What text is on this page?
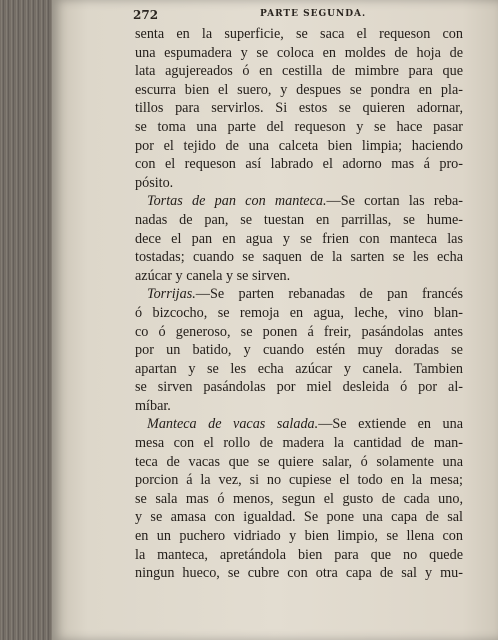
272	PARTE SEGUNDA.
senta en la superficie, se saca el requeson con
una espumadera y se coloca en moldes de hoja de
lata agujereados ó en cestilla de mimbre para que
escurra bien el suero, y despues se pondra en pla-
tillos para servirlos. Si estos se quieren adornar,
se toma una parte del requeson y se hace pasar
por el tejido de una calceta bien limpia; haciendo
con el requeson así labrado el adorno mas á pro-
pósito.
Tortas de pan con manteca.—Se cortan las reba-
nadas de pan, se tuestan en parrillas, se hume-
dece el pan en agua y se frien con manteca las
tostadas; cuando se saquen de la sarten se les echa
azúcar y canela y se sirven.
Torrijas.—Se parten rebanadas de pan francés
ó bizcocho, se remoja en agua, leche, vino blan-
co ó generoso, se ponen á freir, pasándolas antes
por un batido, y cuando estén muy doradas se
apartan y se les echa azúcar y canela. Tambien
se sirven pasándolas por miel desleida ó por al-
míbar.
Manteca de vacas salada.—Se extiende en una
mesa con el rollo de madera la cantidad de man-
teca de vacas que se quiere salar, ó solamente una
porcion á la vez, si no cupiese el todo en la mesa;
se sala mas ó menos, segun el gusto de cada uno,
y se amasa con igualdad. Se pone una capa de sal
en un puchero vidriado y bien limpio, se llena con
la manteca, apretándola bien para que no quede
ningun hueco, se cubre con otra capa de sal y mu-
